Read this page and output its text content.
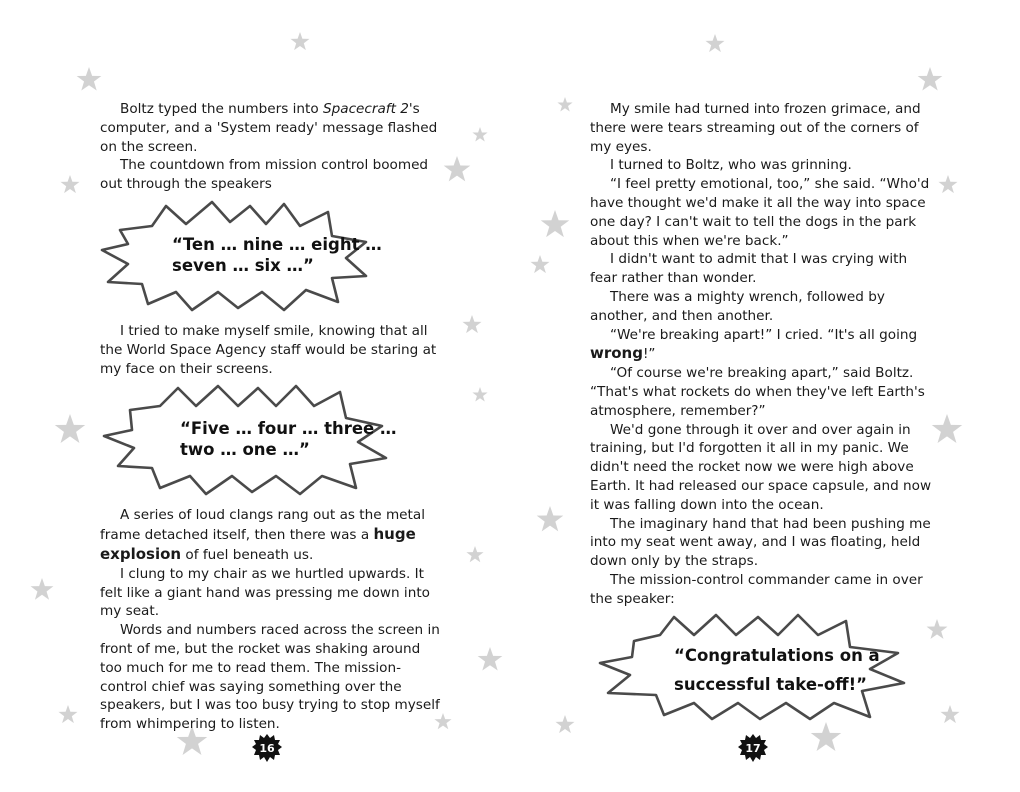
Boltz typed the numbers into Spacecraft 2's computer, and a 'System ready' message flashed on the screen.

The countdown from mission control boomed out through the speakers

“Ten … nine … eight …
seven … six …”

I tried to make myself smile, knowing that all the World Space Agency staff would be staring at my face on their screens.

“Five … four … three …
two … one …”

A series of loud clangs rang out as the metal frame detached itself, then there was a huge explosion of fuel beneath us.

I clung to my chair as we hurtled upwards. It felt like a giant hand was pressing me down into my seat.

Words and numbers raced across the screen in front of me, but the rocket was shaking around too much for me to read them. The mission-control chief was saying something over the speakers, but I was too busy trying to stop myself from whimpering to listen.

16

My smile had turned into frozen grimace, and there were tears streaming out of the corners of my eyes.

I turned to Boltz, who was grinning.

“I feel pretty emotional, too,” she said. “Who'd have thought we'd make it all the way into space one day? I can't wait to tell the dogs in the park about this when we're back.”

I didn't want to admit that I was crying with fear rather than wonder.

There was a mighty wrench, followed by another, and then another.

“We're breaking apart!” I cried. “It's all going wrong!”

“Of course we're breaking apart,” said Boltz. “That's what rockets do when they've left Earth's atmosphere, remember?”

We'd gone through it over and over again in training, but I'd forgotten it all in my panic. We didn't need the rocket now we were high above Earth. It had released our space capsule, and now it was falling down into the ocean.

The imaginary hand that had been pushing me into my seat went away, and I was floating, held down only by the straps.

The mission-control commander came in over the speaker:

“Congratulations on a
successful take-off!”
17
